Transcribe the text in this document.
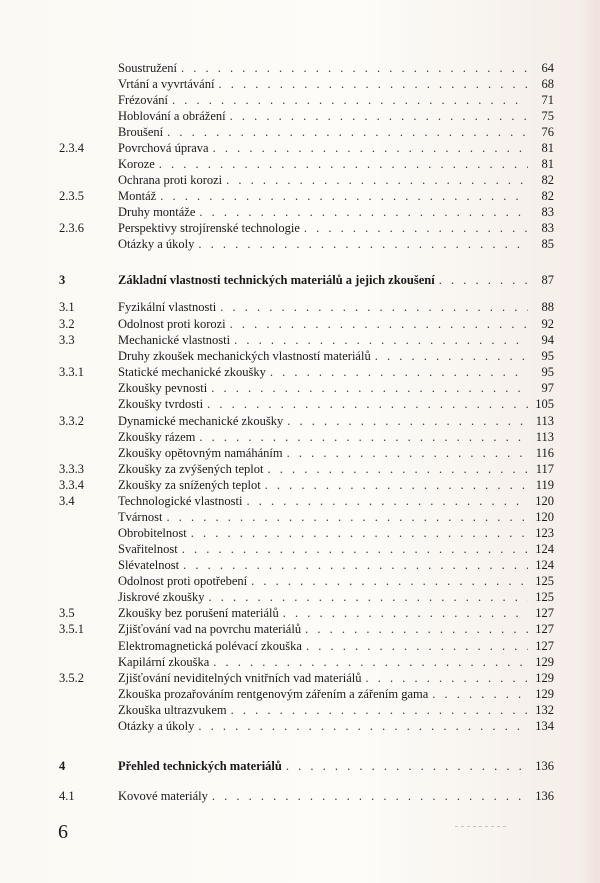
Soustružení . . .	64
Vrtání a vyvrtávání . . .	68
Frézování . . .	71
Hoblování a obrážení . . .	75
Broušení . . .	76
2.3.4	Povrchová úprava . . .	81
Koroze . . .	81
Ochrana proti korozi . . .	82
2.3.5	Montáž . . .	82
Druhy montáže . . .	83
2.3.6	Perspektivy strojírenské technologie . . .	83
Otázky a úkoly . . .	85
3	Základní vlastnosti technických materiálů a jejich zkoušení . . .	87
3.1	Fyzikální vlastnosti . . .	88
3.2	Odolnost proti korozi . . .	92
3.3	Mechanické vlastnosti . . .	94
Druhy zkoušek mechanických vlastností materiálů . . .	95
3.3.1	Statické mechanické zkoušky . . .	95
Zkoušky pevnosti . . .	97
Zkoušky tvrdosti . . .	105
3.3.2	Dynamické mechanické zkoušky . . .	113
Zkoušky rázem . . .	113
Zkoušky opětovným namáháním . . .	116
3.3.3	Zkoušky za zvýšených teplot . . .	117
3.3.4	Zkoušky za snížených teplot . . .	119
3.4	Technologické vlastnosti . . .	120
Tvárnost . . .	120
Obrobitelnost . . .	123
Svařitelnost . . .	124
Slévatelnost . . .	124
Odolnost proti opotřebení . . .	125
Jiskrové zkoušky . . .	125
3.5	Zkoušky bez porušení materiálů . . .	127
3.5.1	Zjišťování vad na povrchu materiálů . . .	127
Elektromagnetická polévací zkouška . . .	127
Kapilární zkouška . . .	129
3.5.2	Zjišťování neviditelných vnitřních vad materiálů . . .	129
Zkouška prozařováním rentgenovým zářením a zářením gama . . .	129
Zkouška ultrazvukem . . .	132
Otázky a úkoly . . .	134
4	Přehled technických materiálů . . .	136
4.1	Kovové materiály . . .	136
6
